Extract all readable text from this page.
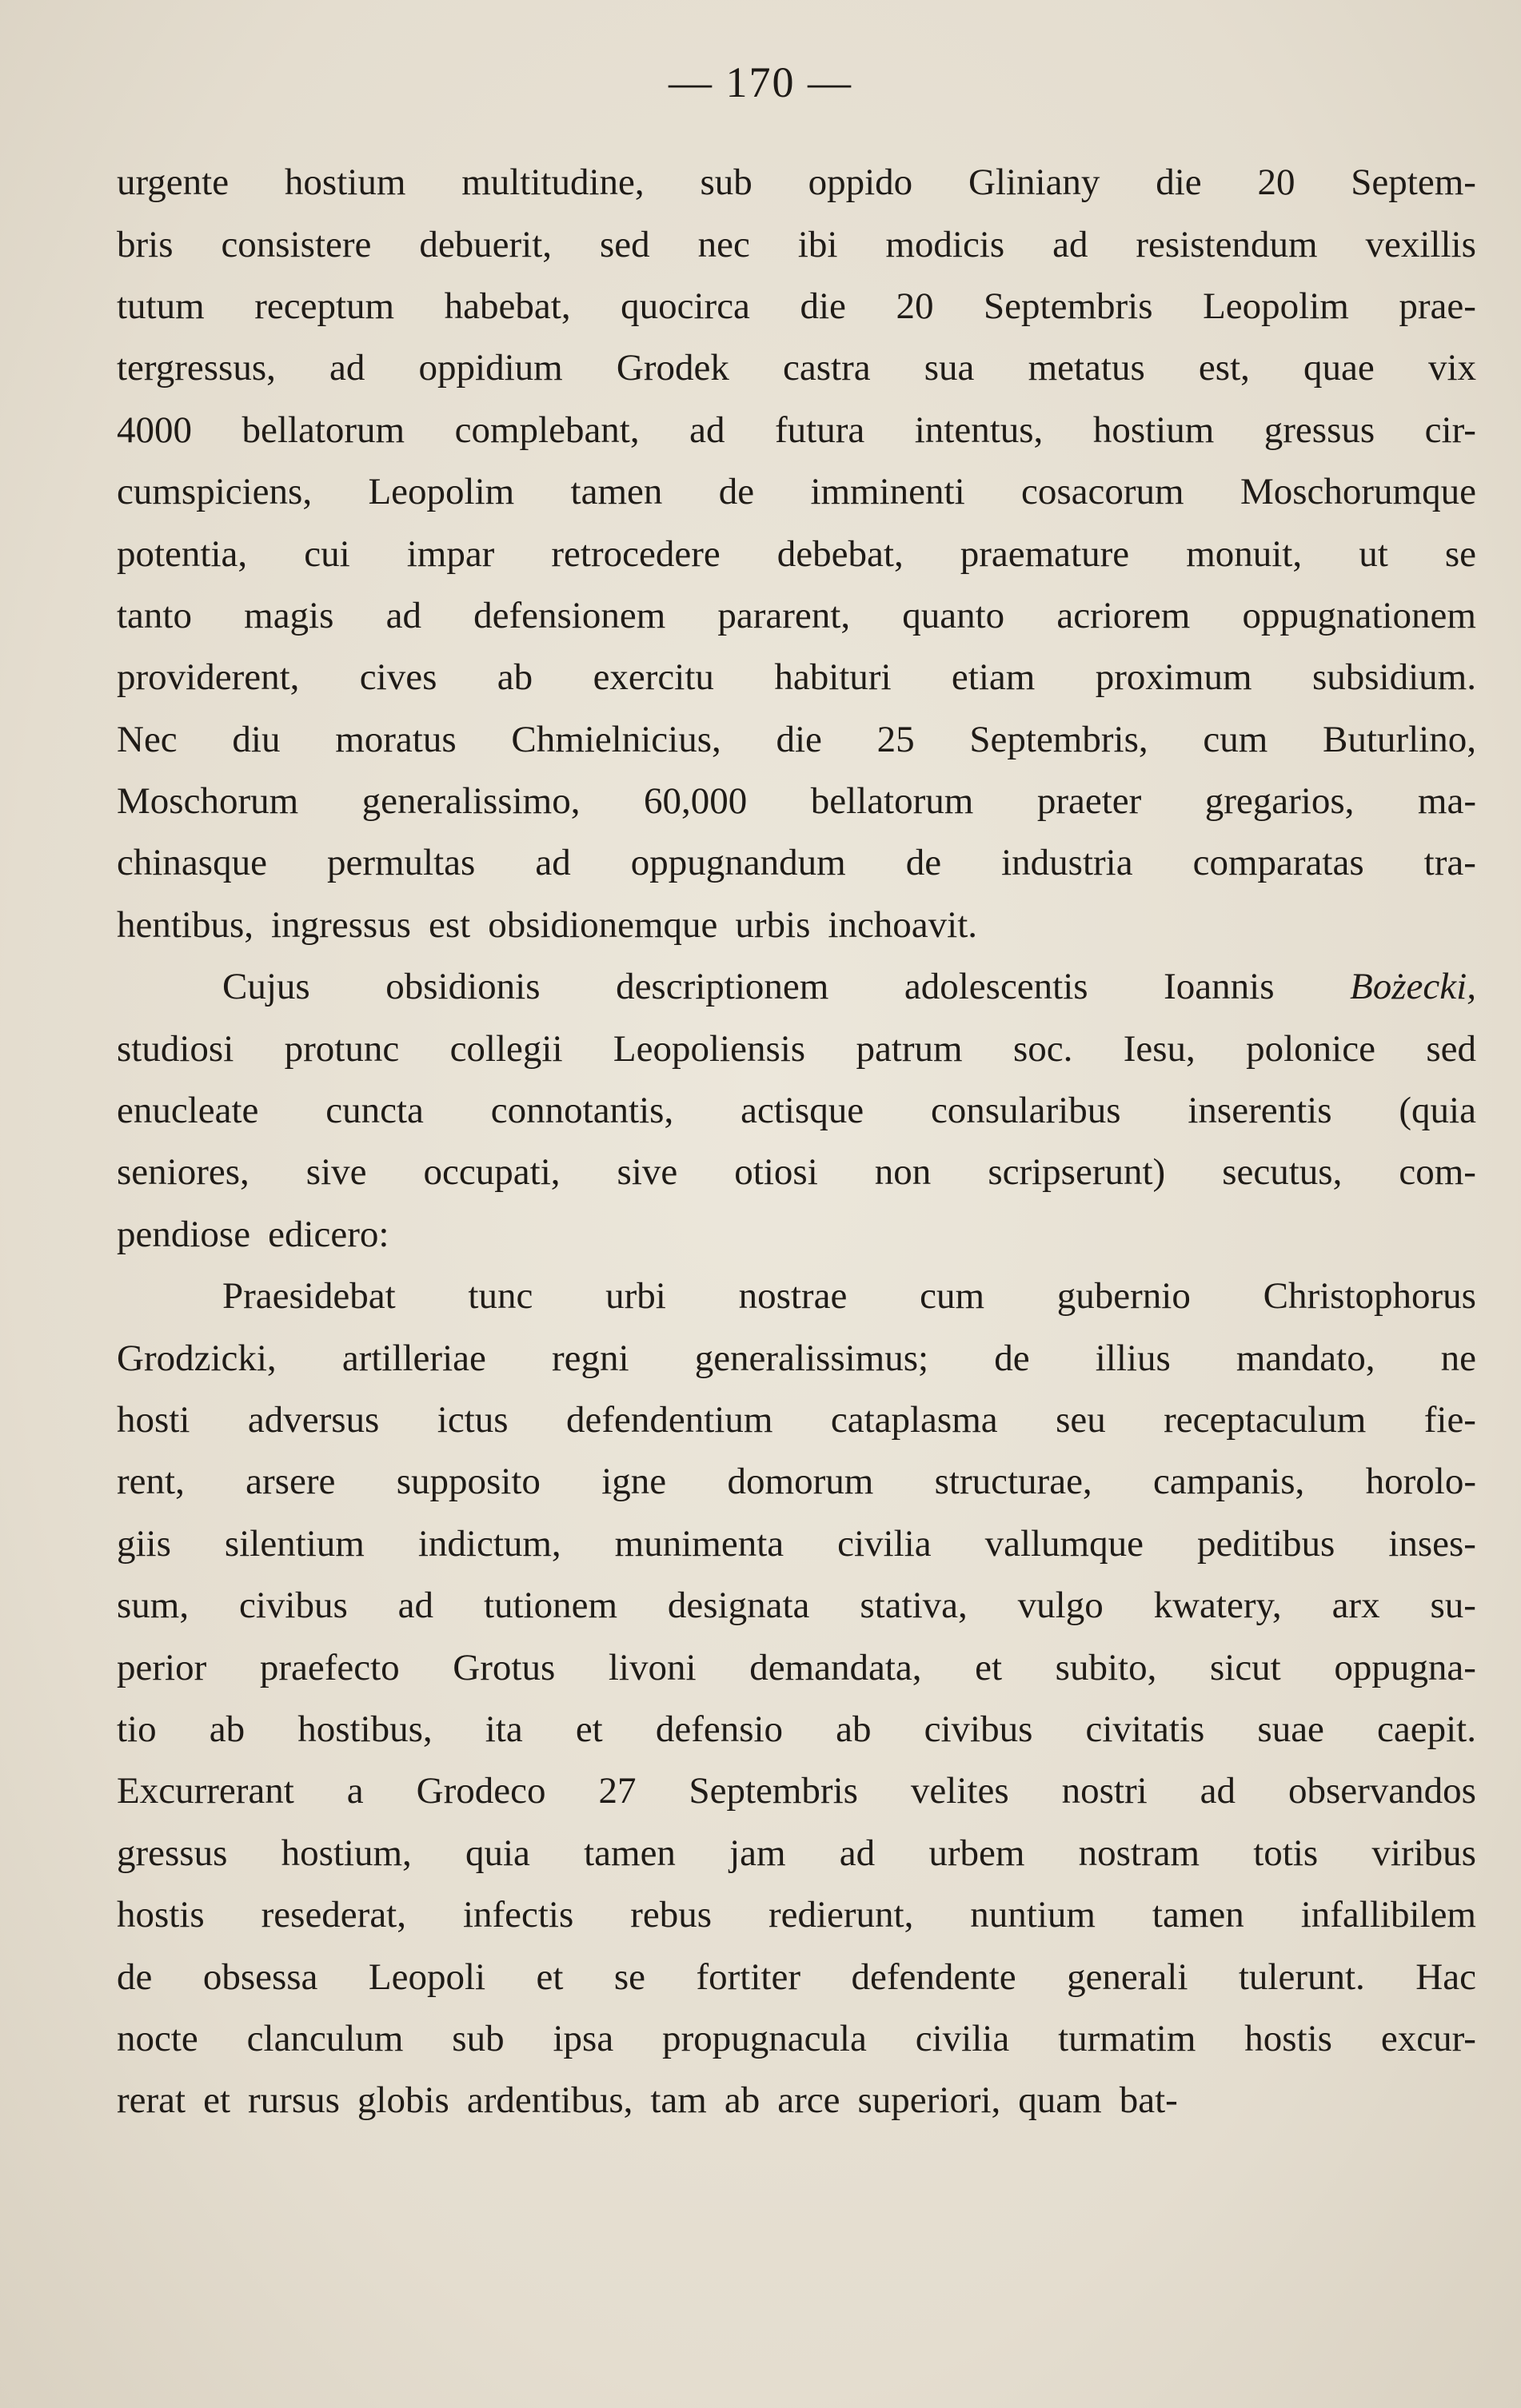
— 170 —
urgente hostium multitudine, sub oppido Gliniany die 20 Septem-
bris consistere debuerit, sed nec ibi modicis ad resistendum vexillis
tutum receptum habebat, quocirca die 20 Septembris Leopolim prae-
tergressus, ad oppidium Grodek castra sua metatus est, quae vix
4000 bellatorum complebant, ad futura intentus, hostium gressus cir-
cumspiciens, Leopolim tamen de imminenti cosacorum Moschorumque
potentia, cui impar retrocedere debebat, praemature monuit, ut se
tanto magis ad defensionem pararent, quanto acriorem oppugnationem
providerent, cives ab exercitu habituri etiam proximum subsidium.
Nec diu moratus Chmielnicius, die 25 Septembris, cum Buturlino,
Moschorum generalissimo, 60,000 bellatorum praeter gregarios, ma-
chinasque permultas ad oppugnandum de industria comparatas tra-
hentibus, ingressus est obsidionemque urbis inchoavit.
Cujus obsidionis descriptionem adolescentis Ioannis Bożecki,
studiosi protunc collegii Leopoliensis patrum soc. Iesu, polonice sed
enucleate cuncta connotantis, actisque consularibus inserentis (quia
seniores, sive occupati, sive otiosi non scripserunt) secutus, com-
pendiose edicero:
Praesidebat tunc urbi nostrae cum gubernio Christophorus
Grodzicki, artilleriae regni generalissimus; de illius mandato, ne
hosti adversus ictus defendentium cataplasma seu receptaculum fie-
rent, arsere supposito igne domorum structurae, campanis, horolo-
giis silentium indictum, munimenta civilia vallumque peditibus inses-
sum, civibus ad tutionem designata stativa, vulgo kwatery, arx su-
perior praefecto Grotus livoni demandata, et subito, sicut oppugna-
tio ab hostibus, ita et defensio ab civibus civitatis suae caepit.
Excurrerant a Grodeco 27 Septembris velites nostri ad observandos
gressus hostium, quia tamen jam ad urbem nostram totis viribus
hostis resederat, infectis rebus redierunt, nuntium tamen infallibilem
de obsessa Leopoli et se fortiter defendente generali tulerunt. Hac
nocte clanculum sub ipsa propugnacula civilia turmatim hostis excur-
rerat et rursus globis ardentibus, tam ab arce superiori, quam bat-
